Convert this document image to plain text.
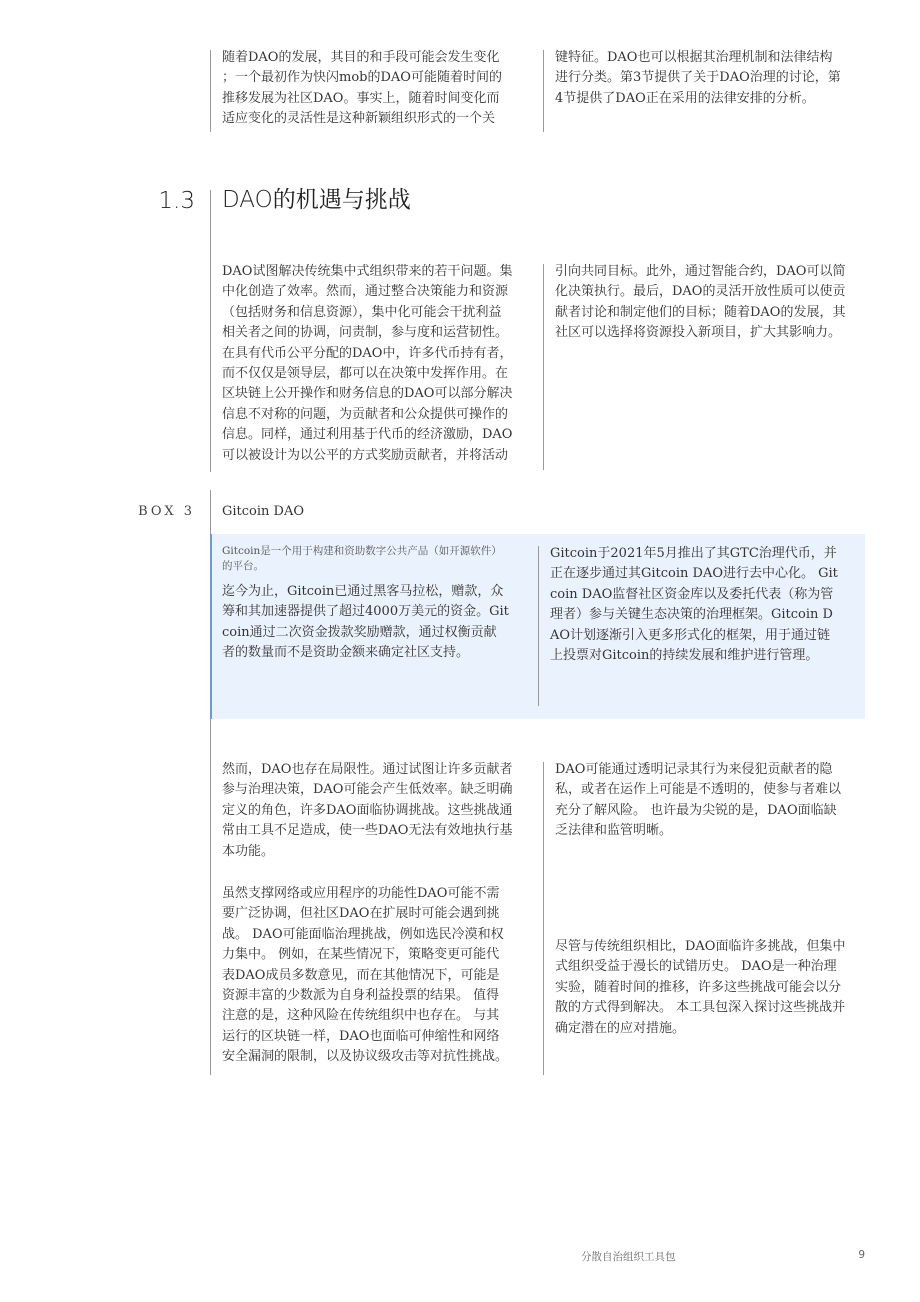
随着DAO的发展，其目的和手段可能会发生变化
；一个最初作为快闪mob的DAO可能随着时间的
推移发展为社区DAO。事实上，随着时间变化而
适应变化的灵活性是这种新颖组织形式的一个关

键特征。DAO也可以根据其治理机制和法律结构
进行分类。第3节提供了关于DAO治理的讨论，第
4节提供了DAO正在采用的法律安排的分析。

1.3 DAO的机遇与挑战

DAO试图解决传统集中式组织带来的若干问题。集
中化创造了效率。然而，通过整合决策能力和资源
（包括财务和信息资源），集中化可能会干扰利益
相关者之间的协调，问责制，参与度和运营韧性。
在具有代币公平分配的DAO中，许多代币持有者，
而不仅仅是领导层，都可以在决策中发挥作用。在
区块链上公开操作和财务信息的DAO可以部分解决
信息不对称的问题，为贡献者和公众提供可操作的
信息。同样，通过利用基于代币的经济激励，DAO
可以被设计为以公平的方式奖励贡献者，并将活动

引向共同目标。此外，通过智能合约，DAO可以简
化决策执行。最后，DAO的灵活开放性质可以使贡
献者讨论和制定他们的目标；随着DAO的发展，其
社区可以选择将资源投入新项目，扩大其影响力。

BOX 3 Gitcoin DAO

Gitcoin是一个用于构建和资助数字公共产品（如开源软件）
的平台。

迄今为止，Gitcoin已通过黑客马拉松，赠款，众
筹和其加速器提供了超过4000万美元的资金。Git
coin通过二次资金拨款奖励赠款，通过权衡贡献
者的数量而不是资助金额来确定社区支持。

Gitcoin于2021年5月推出了其GTC治理代币，并
正在逐步通过其Gitcoin DAO进行去中心化。 Git
coin DAO监督社区资金库以及委托代表（称为管
理者）参与关键生态决策的治理框架。Gitcoin D
AO计划逐渐引入更多形式化的框架，用于通过链
上投票对Gitcoin的持续发展和维护进行管理。

然而，DAO也存在局限性。通过试图让许多贡献者
参与治理决策，DAO可能会产生低效率。缺乏明确
定义的角色，许多DAO面临协调挑战。这些挑战通
常由工具不足造成，使一些DAO无法有效地执行基
本功能。

虽然支撑网络或应用程序的功能性DAO可能不需
要广泛协调，但社区DAO在扩展时可能会遇到挑
战。 DAO可能面临治理挑战，例如选民冷漠和权
力集中。 例如，在某些情况下，策略变更可能代
表DAO成员多数意见，而在其他情况下，可能是
资源丰富的少数派为自身利益投票的结果。 值得
注意的是，这种风险在传统组织中也存在。 与其
运行的区块链一样，DAO也面临可伸缩性和网络
安全漏洞的限制，以及协议级攻击等对抗性挑战。

DAO可能通过透明记录其行为来侵犯贡献者的隐
私，或者在运作上可能是不透明的，使参与者难以
充分了解风险。 也许最为尖锐的是，DAO面临缺
乏法律和监管明晰。

尽管与传统组织相比，DAO面临许多挑战，但集中
式组织受益于漫长的试错历史。 DAO是一种治理
实验，随着时间的推移，许多这些挑战可能会以分
散的方式得到解决。 本工具包深入探讨这些挑战并
确定潜在的应对措施。

分散自治组织工具包	9
